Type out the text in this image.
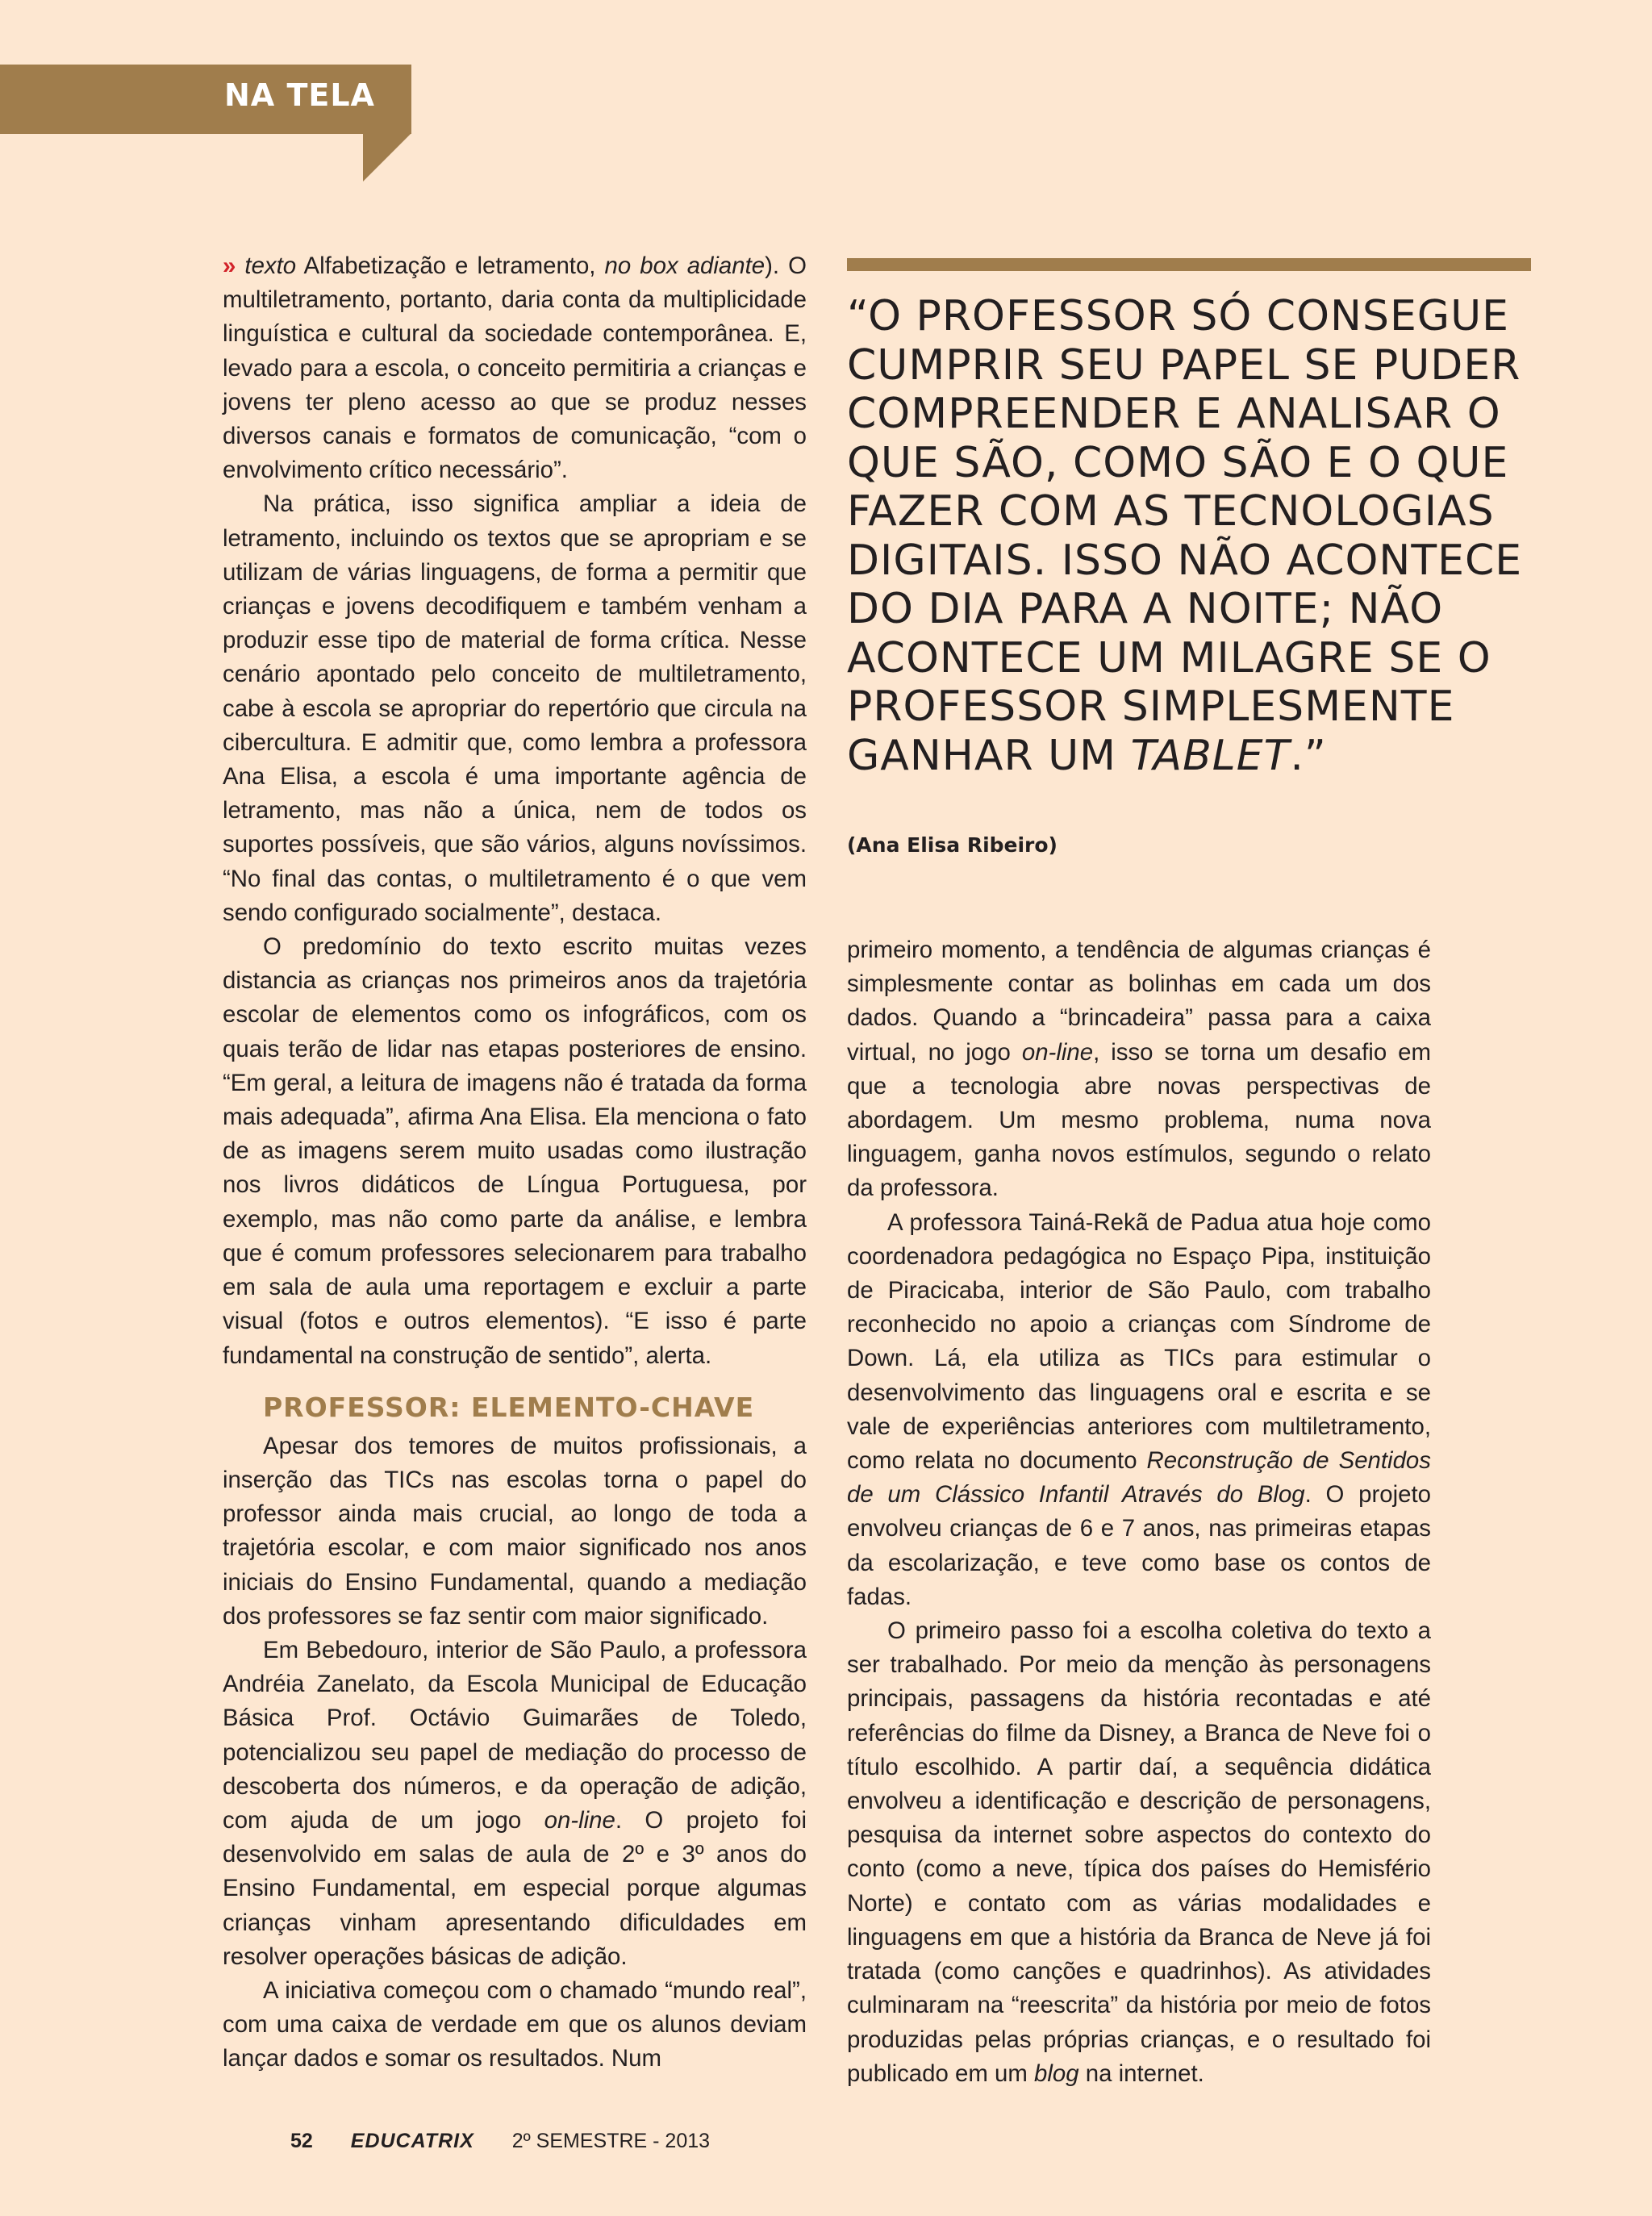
NA TELA

» texto Alfabetização e letramento, no box adiante). O multiletramento, portanto, daria conta da multiplicidade linguística e cultural da sociedade contemporânea. E, levado para a escola, o conceito permitiria a crianças e jovens ter pleno acesso ao que se produz nesses diversos canais e formatos de comunicação, “com o envolvimento crítico necessário”.

Na prática, isso significa ampliar a ideia de letramento, incluindo os textos que se apropriam e se utilizam de várias linguagens, de forma a permitir que crianças e jovens decodifiquem e também venham a produzir esse tipo de material de forma crítica. Nesse cenário apontado pelo conceito de multiletramento, cabe à escola se apropriar do repertório que circula na cibercultura. E admitir que, como lembra a professora Ana Elisa, a escola é uma importante agência de letramento, mas não a única, nem de todos os suportes possíveis, que são vários, alguns novíssimos. “No final das contas, o multiletramento é o que vem sendo configurado socialmente”, destaca.

O predomínio do texto escrito muitas vezes distancia as crianças nos primeiros anos da trajetória escolar de elementos como os infográficos, com os quais terão de lidar nas etapas posteriores de ensino. “Em geral, a leitura de imagens não é tratada da forma mais adequada”, afirma Ana Elisa. Ela menciona o fato de as imagens serem muito usadas como ilustração nos livros didáticos de Língua Portuguesa, por exemplo, mas não como parte da análise, e lembra que é comum professores selecionarem para trabalho em sala de aula uma reportagem e excluir a parte visual (fotos e outros elementos). “E isso é parte fundamental na construção de sentido”, alerta.

PROFESSOR: ELEMENTO-CHAVE

Apesar dos temores de muitos profissionais, a inserção das TICs nas escolas torna o papel do professor ainda mais crucial, ao longo de toda a trajetória escolar, e com maior significado nos anos iniciais do Ensino Fundamental, quando a mediação dos professores se faz sentir com maior significado.

Em Bebedouro, interior de São Paulo, a professora Andréia Zanelato, da Escola Municipal de Educação Básica Prof. Octávio Guimarães de Toledo, potencializou seu papel de mediação do processo de descoberta dos números, e da operação de adição, com ajuda de um jogo on-line. O projeto foi desenvolvido em salas de aula de 2º e 3º anos do Ensino Fundamental, em especial porque algumas crianças vinham apresentando dificuldades em resolver operações básicas de adição.

A iniciativa começou com o chamado “mundo real”, com uma caixa de verdade em que os alunos deviam lançar dados e somar os resultados. Num

“O PROFESSOR SÓ CONSEGUE CUMPRIR SEU PAPEL SE PUDER COMPREENDER E ANALISAR O QUE SÃO, COMO SÃO E O QUE FAZER COM AS TECNOLOGIAS DIGITAIS. ISSO NÃO ACONTECE DO DIA PARA A NOITE; NÃO ACONTECE UM MILAGRE SE O PROFESSOR SIMPLESMENTE GANHAR UM TABLET.”
(Ana Elisa Ribeiro)

primeiro momento, a tendência de algumas crianças é simplesmente contar as bolinhas em cada um dos dados. Quando a “brincadeira” passa para a caixa virtual, no jogo on-line, isso se torna um desafio em que a tecnologia abre novas perspectivas de abordagem. Um mesmo problema, numa nova linguagem, ganha novos estímulos, segundo o relato da professora.

A professora Tainá-Rekã de Padua atua hoje como coordenadora pedagógica no Espaço Pipa, instituição de Piracicaba, interior de São Paulo, com trabalho reconhecido no apoio a crianças com Síndrome de Down. Lá, ela utiliza as TICs para estimular o desenvolvimento das linguagens oral e escrita e se vale de experiências anteriores com multiletramento, como relata no documento Reconstrução de Sentidos de um Clássico Infantil Através do Blog. O projeto envolveu crianças de 6 e 7 anos, nas primeiras etapas da escolarização, e teve como base os contos de fadas.

O primeiro passo foi a escolha coletiva do texto a ser trabalhado. Por meio da menção às personagens principais, passagens da história recontadas e até referências do filme da Disney, a Branca de Neve foi o título escolhido. A partir daí, a sequência didática envolveu a identificação e descrição de personagens, pesquisa da internet sobre aspectos do contexto do conto (como a neve, típica dos países do Hemisfério Norte) e contato com as várias modalidades e linguagens em que a história da Branca de Neve já foi tratada (como canções e quadrinhos). As atividades culminaram na “reescrita” da história por meio de fotos produzidas pelas próprias crianças, e o resultado foi publicado em um blog na internet.

52 EDUCATRIX 2º SEMESTRE - 2013
